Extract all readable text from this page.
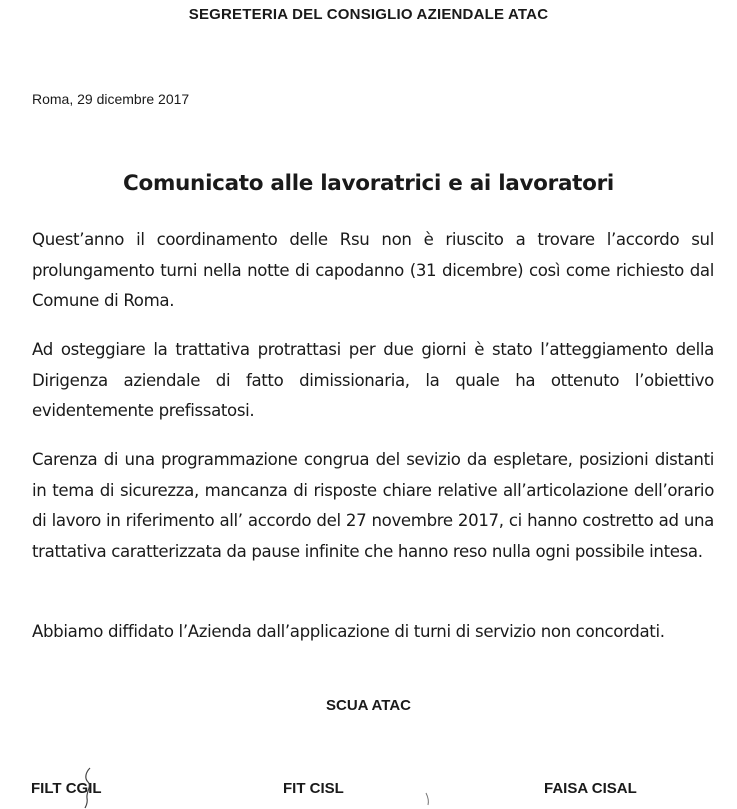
SEGRETERIA DEL CONSIGLIO AZIENDALE ATAC
Roma, 29 dicembre 2017
Comunicato alle lavoratrici e ai lavoratori
Quest’anno il coordinamento delle Rsu non è riuscito a trovare l’accordo sul prolungamento turni nella notte di capodanno (31 dicembre) così come richiesto dal Comune di Roma.
Ad osteggiare la trattativa protrattasi per due giorni è stato l’atteggiamento della Dirigenza aziendale di fatto dimissionaria, la quale ha ottenuto l’obiettivo evidentemente prefissatosi.
Carenza di una programmazione congrua del sevizio da espletare, posizioni distanti in tema di sicurezza, mancanza di risposte chiare relative all’articolazione dell’orario di lavoro in riferimento all’ accordo del 27 novembre 2017, ci hanno costretto ad una trattativa caratterizzata da pause infinite che hanno reso nulla ogni possibile intesa.
Abbiamo diffidato l’Azienda dall’applicazione di turni di servizio non concordati.
SCUA ATAC
FILT CGIL	FIT CISL	FAISA CISAL
